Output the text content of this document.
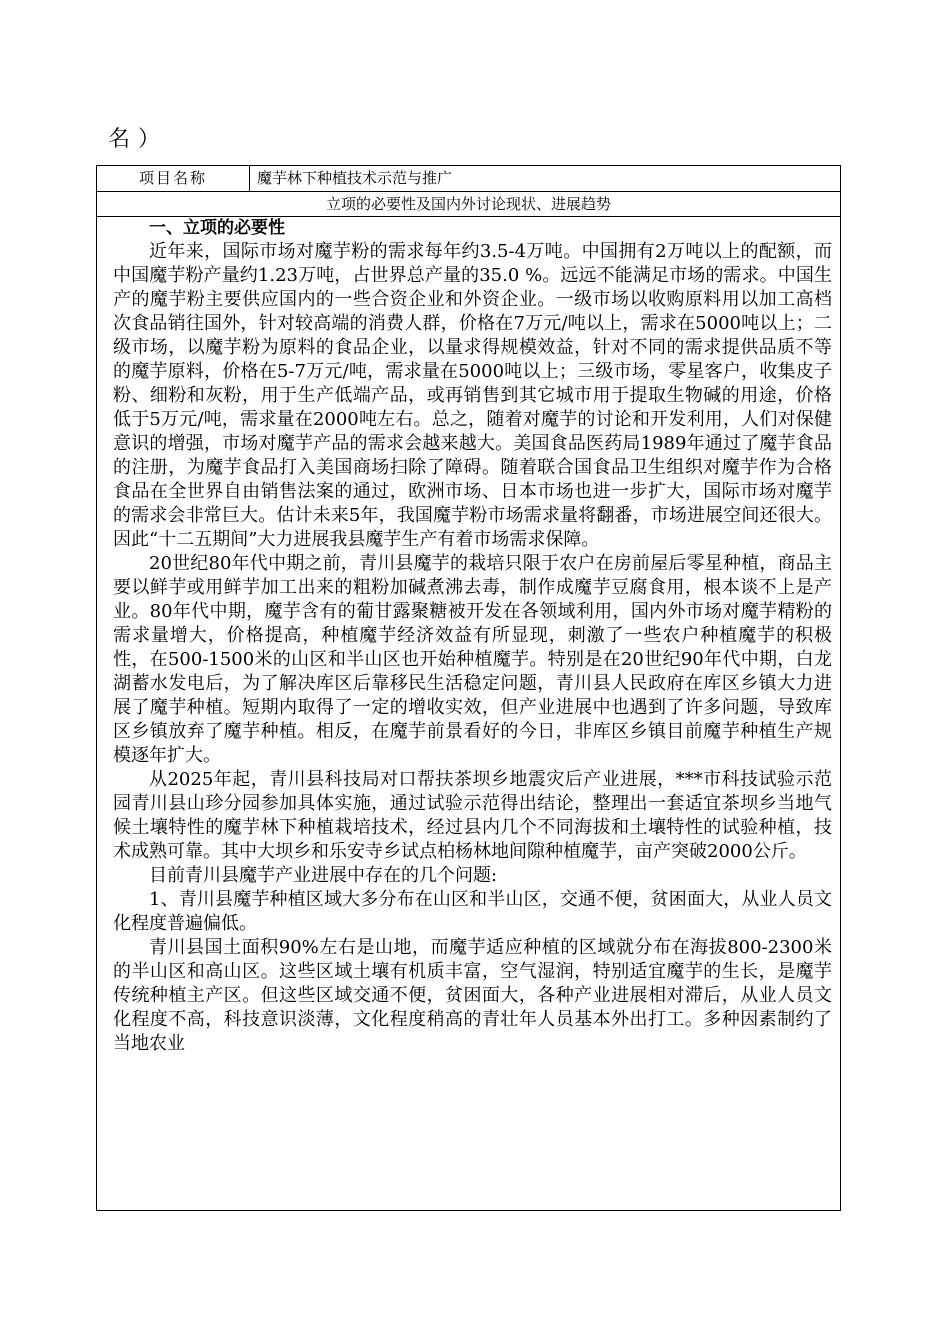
名）
项目名称	魔芋林下种植技术示范与推广
立项的必要性及国内外讨论现状、进展趋势
一、立项的必要性

近年来，国际市场对魔芋粉的需求每年约3.5-4万吨。中国拥有2万吨以上的配额，而中国魔芋粉产量约1.23万吨，占世界总产量的35.0 %。远远不能满足市场的需求。中国生产的魔芋粉主要供应国内的一些合资企业和外资企业。一级市场以收购原料用以加工高档次食品销往国外，针对较高端的消费人群，价格在7万元/吨以上，需求在5000吨以上；二级市场，以魔芋粉为原料的食品企业，以量求得规模效益，针对不同的需求提供品质不等的魔芋原料，价格在5-7万元/吨，需求量在5000吨以上；三级市场，零星客户，收集皮子粉、细粉和灰粉，用于生产低端产品，或再销售到其它城市用于提取生物碱的用途，价格低于5万元/吨，需求量在2000吨左右。总之，随着对魔芋的讨论和开发利用，人们对保健意识的增强，市场对魔芋产品的需求会越来越大。美国食品医药局1989年通过了魔芋食品的注册，为魔芋食品打入美国商场扫除了障碍。随着联合国食品卫生组织对魔芋作为合格食品在全世界自由销售法案的通过，欧洲市场、日本市场也进一步扩大，国际市场对魔芋的需求会非常巨大。估计未来5年，我国魔芋粉市场需求量将翻番，市场进展空间还很大。因此“十二五期间”大力进展我县魔芋生产有着市场需求保障。

20世纪80年代中期之前，青川县魔芋的栽培只限于农户在房前屋后零星种植，商品主要以鲜芋或用鲜芋加工出来的粗粉加碱煮沸去毒，制作成魔芋豆腐食用，根本谈不上是产业。80年代中期，魔芋含有的葡甘露聚糖被开发在各领域利用，国内外市场对魔芋精粉的需求量增大，价格提高，种植魔芋经济效益有所显现，刺激了一些农户种植魔芋的积极性，在500-1500米的山区和半山区也开始种植魔芋。特别是在20世纪90年代中期，白龙湖蓄水发电后，为了解决库区后靠移民生活稳定问题，青川县人民政府在库区乡镇大力进展了魔芋种植。短期内取得了一定的增收实效，但产业进展中也遇到了许多问题，导致库区乡镇放弃了魔芋种植。相反，在魔芋前景看好的今日，非库区乡镇目前魔芋种植生产规模逐年扩大。

从2025年起，青川县科技局对口帮扶茶坝乡地震灾后产业进展，***市科技试验示范园青川县山珍分园参加具体实施，通过试验示范得出结论，整理出一套适宜茶坝乡当地气候土壤特性的魔芋林下种植栽培技术，经过县内几个不同海拔和土壤特性的试验种植，技术成熟可靠。其中大坝乡和乐安寺乡试点柏杨林地间隙种植魔芋，亩产突破2000公斤。

目前青川县魔芋产业进展中存在的几个问题:

1、青川县魔芋种植区域大多分布在山区和半山区，交通不便，贫困面大，从业人员文化程度普遍偏低。

青川县国土面积90%左右是山地，而魔芋适应种植的区域就分布在海拔800-2300米的半山区和高山区。这些区域土壤有机质丰富，空气湿润，特别适宜魔芋的生长，是魔芋传统种植主产区。但这些区域交通不便，贫困面大，各种产业进展相对滞后，从业人员文化程度不高，科技意识淡薄，文化程度稍高的青壮年人员基本外出打工。多种因素制约了当地农业
